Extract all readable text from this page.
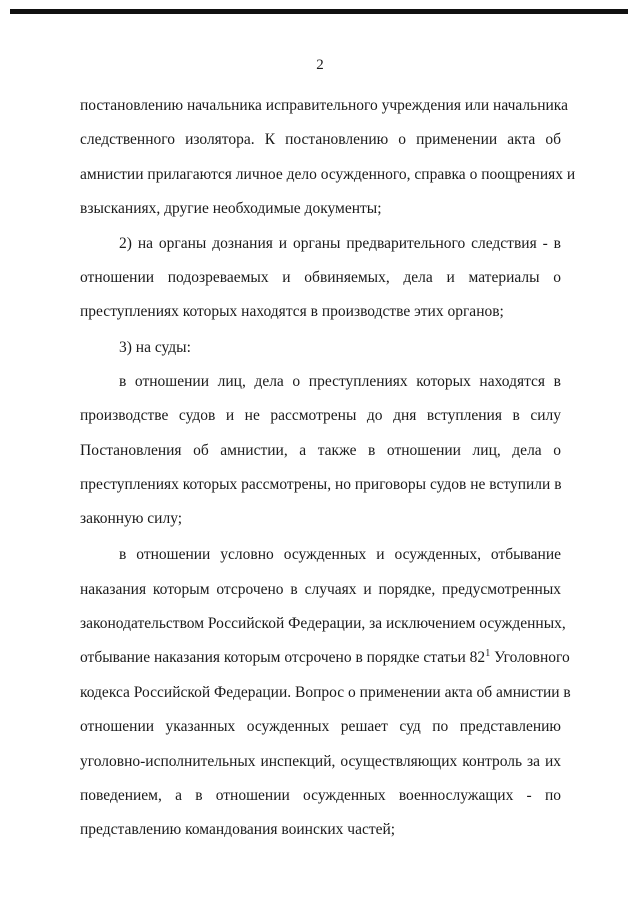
2
постановлению начальника исправительного учреждения или начальника
следственного изолятора. К постановлению о применении акта об
амнистии прилагаются личное дело осужденного, справка о поощрениях и
взысканиях, другие необходимые документы;
2) на органы дознания и органы предварительного следствия - в
отношении подозреваемых и обвиняемых, дела и материалы о
преступлениях которых находятся в производстве этих органов;
3) на суды:
в отношении лиц, дела о преступлениях которых находятся в
производстве судов и не рассмотрены до дня вступления в силу
Постановления об амнистии, а также в отношении лиц, дела о
преступлениях которых рассмотрены, но приговоры судов не вступили в
законную силу;
в отношении условно осужденных и осужденных, отбывание
наказания которым отсрочено в случаях и порядке, предусмотренных
законодательством Российской Федерации, за исключением осужденных,
отбывание наказания которым отсрочено в порядке статьи $82^1$ Уголовного
кодекса Российской Федерации. Вопрос о применении акта об амнистии в
отношении указанных осужденных решает суд по представлению
уголовно-исполнительных инспекций, осуществляющих контроль за их
поведением, а в отношении осужденных военнослужащих - по
представлению командования воинских частей;
